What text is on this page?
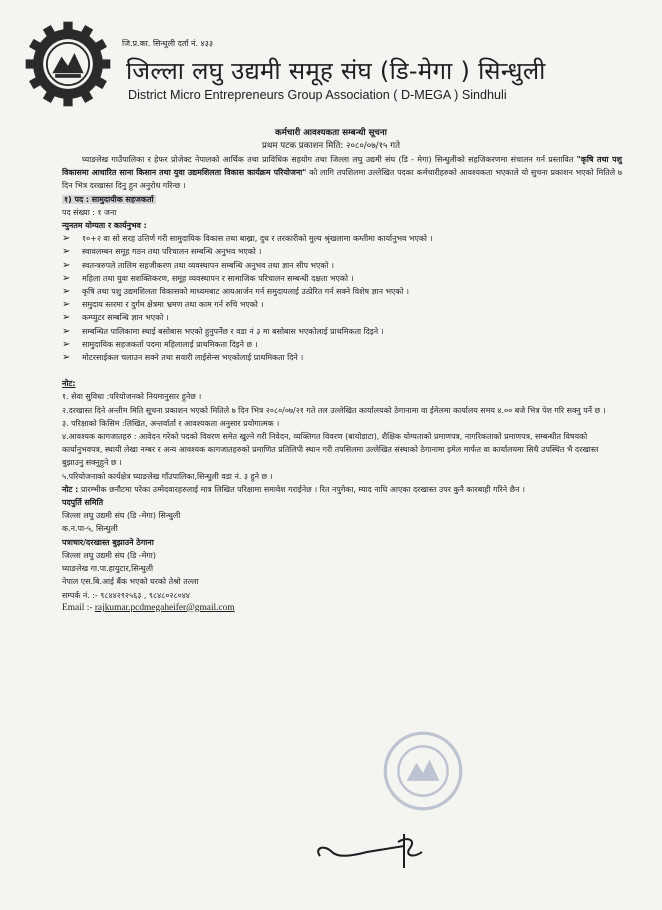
जि.प्र.का. सिन्धुली दर्ता नं. ४३३
जिल्ला लघु उद्यमी समूह संघ (डि-मेगा ) सिन्धुली
District Micro Entrepreneurs Group Association ( D-MEGA ) Sindhuli
कर्मचारी आवश्यकता सम्बन्धी सूचना
प्रथम पटक प्रकाशन मिति: २०८०/०७/१५ गते

घ्याङलेख गाउँपालिका र हेफर प्रोजेक्ट नेपालको आर्थिक तथा प्राविधिक सहयोग तथा जिल्ला लघु उद्यमी संघ (डि - मेगा) सिन्धुलीको सहजिकरणमा संचालन गर्न प्रस्तावित "कृषि तथा पशु विकासमा आधारित साना किसान तथा युवा उद्यमशिलता विकास कार्यक्रम परियोजना" को लागि तपशिलमा उल्लेखित पदका कर्मचारीहरुको आवश्यकता भएकाले यो सुचना प्रकाशन भएको मितिले ७ दिन भित्र दरखास्त दिनु हुन अनुरोध गरिन्छ ।

१) पद : सामुदायीक सहजकर्ता
पद संख्या : १ जना
न्युनतम योग्यता र कार्यनुभव :
➢ १०+२ वा सो सरह उत्तिर्ण गरी सामुदायिक विकास तथा बाख्रा, दुध र तरकारीको मुल्य श्रृंखलामा कम्तीमा कार्यानुभव भएको ।
➢ स्वावलम्बन समूह गठन तथा परिचालन सम्बन्धि अनुभव भएको ।
➢ स्वतन्त्ररुपले तालिम सहजीकरण तथा व्यवस्थापन सम्बन्धि अनुभव तथा ज्ञान सीप भएको ।
➢ महिला तथा युवा सशक्तिकरण, समूह व्यवस्थापन र सामाजिक परिचालन सम्बन्धी दक्षता भएको ।
➢ कृषि तथा पशु उद्यमशिलता विकासको माध्यमबाट आयआर्जन गर्न समुदायलाई उत्प्रेरित गर्न सक्ने विशेष ज्ञान भएको ।
➢ समुदाय स्तरमा र दुर्गम क्षेत्रमा भ्रमण तथा काम गर्न रुचि भएको ।
➢ कम्प्युटर सम्बन्धि ज्ञान भएको ।
➢ सम्बन्धित पालिकामा स्थाई बसोबास भएको हुनुपर्नेछ र वडा नं ३ मा बसोबास भएकोलाई प्राथमिकता दिइने ।
➢ सामुदायिक सहजकर्ता पदमा महिलालाई प्राथमिकता दिइने छ ।
➢ मोटरसाईकल चलाउन सक्ने तथा सवारी लाईसेन्स भएकोलाई प्राथमिकता दिने ।
नोट:

१. सेवा सुविधा :परियोजनको नियमानुसार हुनेछ ।

२.दरखास्त दिने अन्तीम मिति सूचना प्रकाशन भएको मितिले ७ दिन भित्र २०८०/०७/२१ गते तल उल्लेखित कार्यालयको ठेगानामा वा ईमेलमा कार्यालय समय ४.०० बजे भित्र पेश गरि सक्नु पर्ने छ ।

३. परिक्षाको किसिम :लिखित, अन्तर्वार्ता र आवश्यकता अनुसार प्रयोगात्मक ।

४.आवश्यक कागजातहरु : आवेदन गरेको पदको विवरण समेत खुल्ने गरी निवेदन, व्यक्तिगत विवरण (बायोडाटा), शैक्षिक योग्यताको प्रमाणपत्र, नागरिकताको प्रमाणपत्र, सम्बन्धीत विषयको कार्यानुभवपत्र, स्थायी लेखा नम्बर र अन्य आवश्यक कागजातहरुको प्रमाणित प्रतिलिपी स्थान गरी तपसिलमा उल्लेखित संस्थाको ठेगानामा इमेल मार्फत वा कार्यालयमा सिधै उपस्थित भै दरखास्त बुझाउनु सक्नुहुने छ ।

५.परियोजनाको कार्यक्षेत्र घ्याङलेख गाँउपालिका,सिन्धुली वडा नं. ३ हुने छ ।

नोट : प्रारम्भीक छनौटमा परेका उम्मेदवारहरुलाई मात्र लिखित परिक्षामा समावेश गराईनेछ । रित नपुगेका, म्याद नाघि आएका दरखास्त उपर कुनै कारबाही गरिने छैन ।

पदपुर्ति समिति
जिल्ला लघु उद्यमी संघ (डि -मेगा) सिन्धुली
क.न.पा-५, सिन्धुली
पत्राचार/दरखास्त बुझाउने ठेगाना
जिल्ला लघु उद्यमी संघ (डि -मेगा)
घ्याङलेख गा.पा.हायुटार,सिन्धुली
नेपाल एस.बि.आई बैंक भएको घरको तेश्रो तल्ला
सम्पर्क नं. :- ९८४४२९२५६३ , ९८४८०२८०४४
Email :- rajkumar.pcdmegaheifer@gmail.com
